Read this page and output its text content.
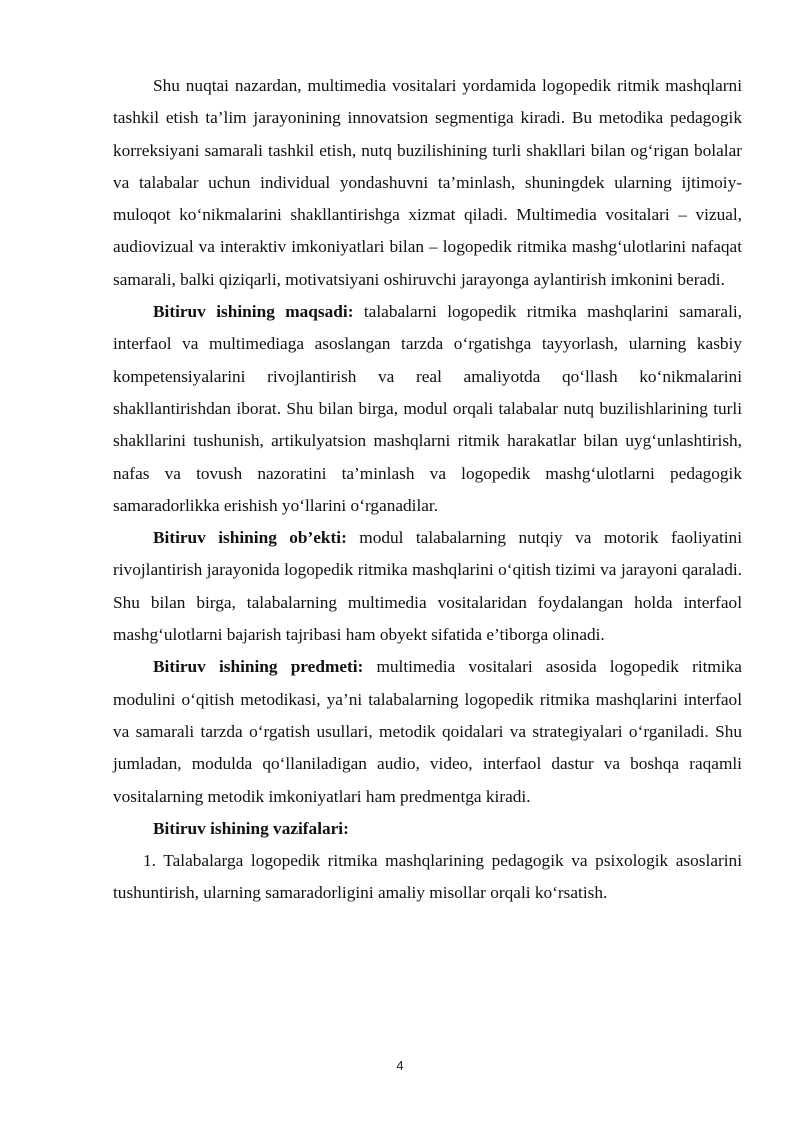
Shu nuqtai nazardan, multimedia vositalari yordamida logopedik ritmik mashqlarni tashkil etish ta’lim jarayonining innovatsion segmentiga kiradi. Bu metodika pedagogik korreksiyani samarali tashkil etish, nutq buzilishining turli shakllari bilan og‘rigan bolalar va talabalar uchun individual yondashuvni ta’minlash, shuningdek ularning ijtimoiy-muloqot ko‘nikmalarini shakllantirishga xizmat qiladi. Multimedia vositalari – vizual, audiovizual va interaktiv imkoniyatlari bilan – logopedik ritmika mashg‘ulotlarini nafaqat samarali, balki qiziqarli, motivatsiyani oshiruvchi jarayonga aylantirish imkonini beradi.

Bitiruv ishining maqsadi: talabalarni logopedik ritmika mashqlarini samarali, interfaol va multimediaga asoslangan tarzda o‘rgatishga tayyorlash, ularning kasbiy kompetensiyalarini rivojlantirish va real amaliyotda qo‘llash ko‘nikmalarini shakllantirishdan iborat. Shu bilan birga, modul orqali talabalar nutq buzilishlarining turli shakllarini tushunish, artikulyatsion mashqlarni ritmik harakatlar bilan uyg‘unlashtirish, nafas va tovush nazoratini ta’minlash va logopedik mashg‘ulotlarni pedagogik samaradorlikka erishish yo‘llarini o‘rganadilar.

Bitiruv ishining ob’ekti: modul talabalarning nutqiy va motorik faoliyatini rivojlantirish jarayonida logopedik ritmika mashqlarini o‘qitish tizimi va jarayoni qaraladi. Shu bilan birga, talabalarning multimedia vositalaridan foydalangan holda interfaol mashg‘ulotlarni bajarish tajribasi ham obyekt sifatida e’tiborga olinadi.

Bitiruv ishining predmeti: multimedia vositalari asosida logopedik ritmika modulini o‘qitish metodikasi, ya’ni talabalarning logopedik ritmika mashqlarini interfaol va samarali tarzda o‘rgatish usullari, metodik qoidalari va strategiyalari o‘rganiladi. Shu jumladan, modulda qo‘llaniladigan audio, video, interfaol dastur va boshqa raqamli vositalarning metodik imkoniyatlari ham predmentga kiradi.

Bitiruv ishining vazifalari:

1. Talabalarga logopedik ritmika mashqlarining pedagogik va psixologik asoslarini tushuntirish, ularning samaradorligini amaliy misollar orqali ko‘rsatish.

4
